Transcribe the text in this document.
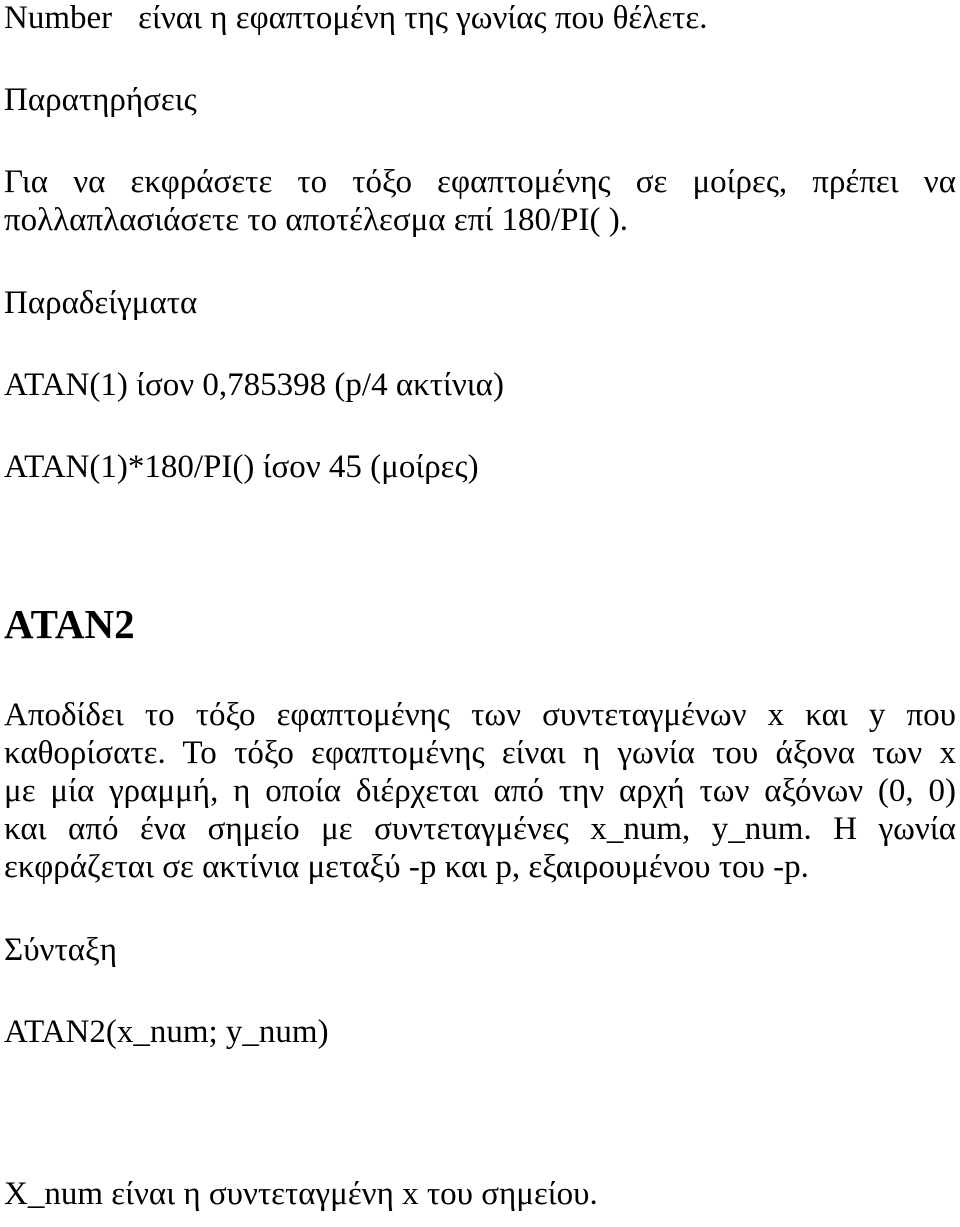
Number είναι η εφαπτομένη της γωνίας που θέλετε.

Παρατηρήσεις

Για να εκφράσετε το τόξο εφαπτομένης σε μοίρες, πρέπει να

πολλαπλασιάσετε το αποτέλεσμα επί 180/PI( ).

Παραδείγματα

ATAN(1) ίσον 0,785398 (p/4 ακτίνια)

ATAN(1)*180/PI() ίσον 45 (μοίρες)

ATAN2

Αποδίδει το τόξο εφαπτομένης των συντεταγμένων x και y που

καθορίσατε. Το τόξο εφαπτομένης είναι η γωνία του άξονα των x

με μία γραμμή, η οποία διέρχεται από την αρχή των αξόνων (0, 0)

και από ένα σημείο με συντεταγμένες x_num, y_num. Η γωνία

εκφράζεται σε ακτίνια μεταξύ -p και p, εξαιρουμένου του -p.

Σύνταξη

ATAN2(x_num; y_num)

X_num είναι η συντεταγμένη x του σημείου.
